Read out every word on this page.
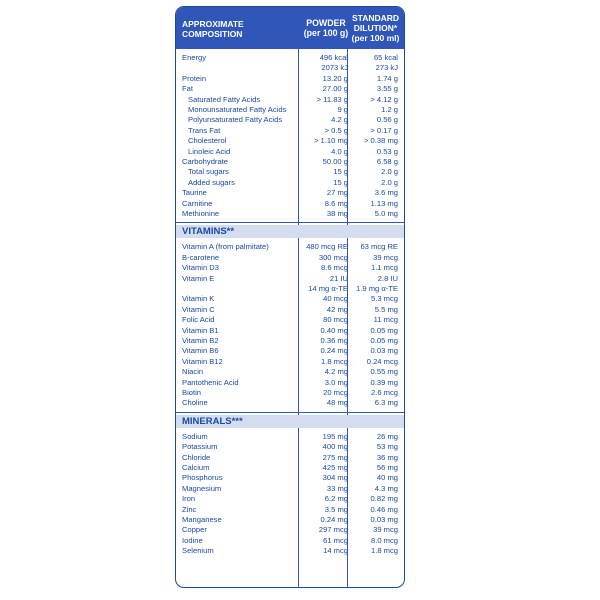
APPROXIMATE COMPOSITION
POWDER (per 100 g)
STANDARD DILUTION* (per 100 ml)
Energy	496 kcal	65 kcal
2073 kJ	273 kJ
Protein	13.20 g	1.74 g
Fat	27.00 g	3.55 g
Saturated Fatty Acids	> 11.83 g	> 4.12 g
Monounsaturated Fatty Acids	9 g	1.2 g
Polyunsaturated Fatty Acids	4.2 g	0.56 g
Trans Fat	> 0.5 g	> 0.17 g
Cholesterol	> 1.10 mg > 0.38 mg
Linoleic Acid	4.0 g	0.53 g
Carbohydrate	50.00 g	6.58 g
Total sugars	15 g	2.0 g
Added sugars	15 g	2.0 g
Taurine	27 mg	3.6 mg
Carnitine	8.6 mg	1.13 mg
Methionine	38 mg	5.0 mg
VITAMINS**
Vitamin A (from palmitate)	480 mcg RE 63 mcg RE
B-carotene	300 mcg	39 mcg
Vitamin D3	8.6 mcg	1.1 mcg
Vitamin E	21 IU	2.8 IU
14 mg α-TE 1.9 mg α-TE
Vitamin K	40 mcg	5.3 mcg
Vitamin C	42 mg	5.5 mg
Folic Acid	80 mcg	11 mcg
Vitamin B1	0.40 mg	0.05 mg
Vitamin B2	0.36 mg	0.05 mg
Vitamin B6	0.24 mg	0.03 mg
Vitamin B12	1.8 mcg 0.24 mcg
Niacin	4.2 mg	0.55 mg
Pantothenic Acid	3.0 mg	0.39 mg
Biotin	20 mcg	2.6 mcg
Choline	48 mg	6.3 mg
MINERALS***
Sodium	195 mg	26 mg
Potassium	400 mg	53 mg
Chloride	275 mg	36 mg
Calcium	425 mg	56 mg
Phosphorus	304 mg	40 mg
Magnesium	33 mg	4.3 mg
Iron	6.2 mg	0.82 mg
Zinc	3.5 mg	0.46 mg
Manganese	0.24 mg	0.03 mg
Copper	297 mcg	39 mcg
Iodine	61 mcg	8.0 mcg
Selenium	14 mcg	1.8 mcg
